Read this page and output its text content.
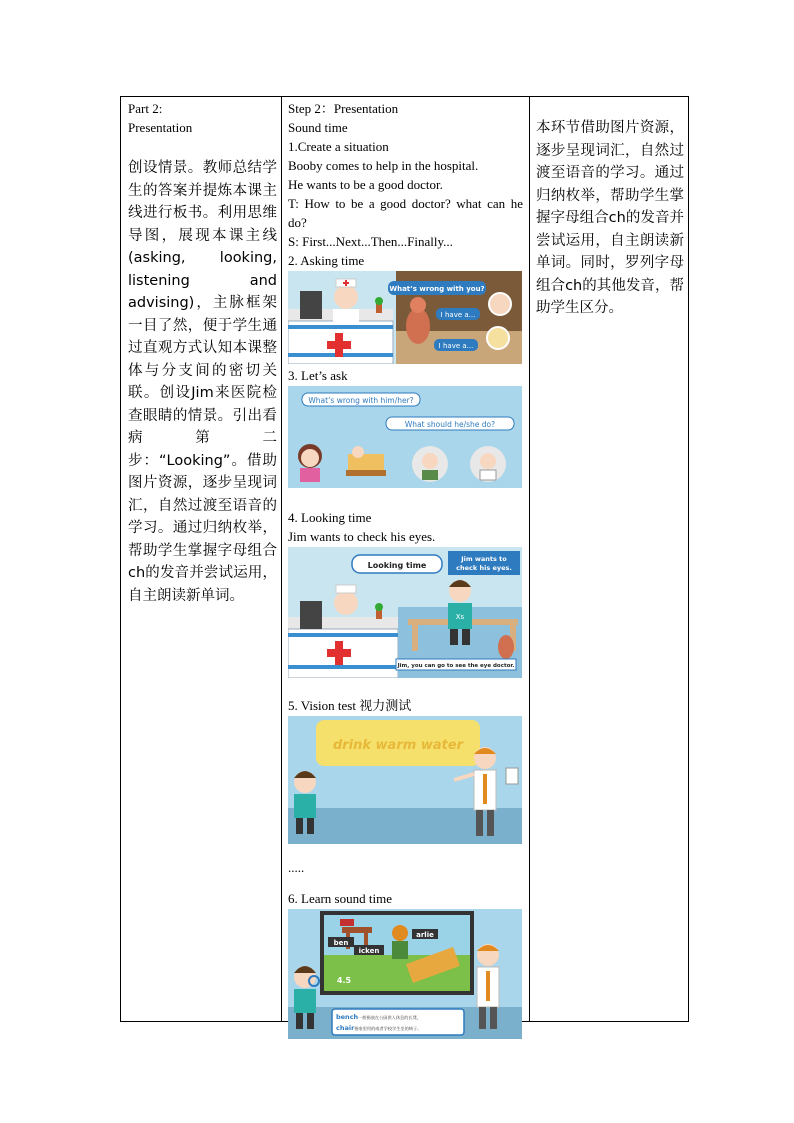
Part 2:
Presentation
创设情景。教师总结学生的答案并提炼本课主线进行板书。利用思维导图，展现本课主线(asking, looking, listening and advising)，主脉框架一目了然，便于学生通过直观方式认知本课整体与分支间的密切关联。创设Jim来医院检查眼睛的情景。引出看病第二步：“Looking”。借助图片资源，逐步呈现词汇，自然过渡至语音的学习。通过归纳枚举，帮助学生掌握字母组合ch的发音并尝试运用，自主朗读新单词。
Step 2：Presentation
Sound time
1.Create a situation
Booby comes to help in the hospital.
He wants to be a good doctor.
T: How to be a good doctor? what can he do?
S: First...Next...Then...Finally...
2. Asking time
What’s wrong with you?
I have a...
I have a...
3. Let’s ask
What’s wrong with him/her?
What should he/she do?
4. Looking time
Jim wants to check his eyes.
Looking time
Jim wants to check his eyes.
Xs
Jim, you can go to see the eye doctor.
5. Vision test 视力测试
drink warm water
.....
6. Learn sound time
ben
icken
arlie
4.5
bench一般指放在公园供人休息的长凳。
chair指家里用的或者学校学生坐的椅子。
本环节借助图片资源，逐步呈现词汇，自然过渡至语音的学习。通过归纳枚举，帮助学生掌握字母组合ch的发音并尝试运用，自主朗读新单词。同时，罗列字母组合ch的其他发音，帮助学生区分。
